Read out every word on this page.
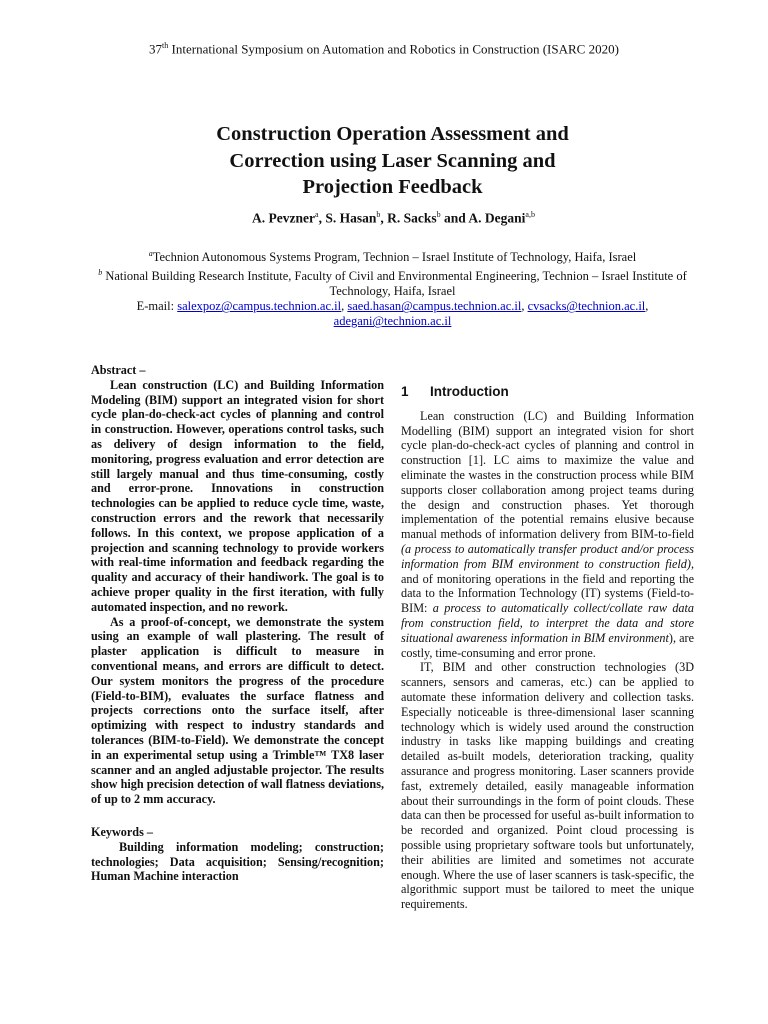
37th International Symposium on Automation and Robotics in Construction (ISARC 2020)
Construction Operation Assessment and
Correction using Laser Scanning and
Projection Feedback
A. Pevzner$^a$, S. Hasan$^b$, R. Sacks$^b$ and A. Degani$^{a,b}$
$^a$Technion Autonomous Systems Program, Technion – Israel Institute of Technology, Haifa, Israel
$^b$ National Building Research Institute, Faculty of Civil and Environmental Engineering, Technion – Israel Institute of Technology, Haifa, Israel
E-mail: salexpoz@campus.technion.ac.il, saed.hasan@campus.technion.ac.il, cvsacks@technion.ac.il,
adegani@technion.ac.il

Abstract –

Lean construction (LC) and Building Information Modeling (BIM) support an integrated vision for short cycle plan-do-check-act cycles of planning and control in construction. However, operations control tasks, such as delivery of design information to the field, monitoring, progress evaluation and error detection are still largely manual and thus time-consuming, costly and error-prone. Innovations in construction technologies can be applied to reduce cycle time, waste, construction errors and the rework that necessarily follows. In this context, we propose application of a projection and scanning technology to provide workers with real-time information and feedback regarding the quality and accuracy of their handiwork. The goal is to achieve proper quality in the first iteration, with fully automated inspection, and no rework.

As a proof-of-concept, we demonstrate the system using an example of wall plastering. The result of plaster application is difficult to measure in conventional means, and errors are difficult to detect. Our system monitors the progress of the procedure (Field-to-BIM), evaluates the surface flatness and projects corrections onto the surface itself, after optimizing with respect to industry standards and tolerances (BIM-to-Field). We demonstrate the concept in an experimental setup using a Trimble™ TX8 laser scanner and an angled adjustable projector. The results show high precision detection of wall flatness deviations, of up to 2 mm accuracy.

Keywords –

Building information modeling; construction; technologies; Data acquisition; Sensing/recognition; Human Machine interaction

1 Introduction

Lean construction (LC) and Building Information Modelling (BIM) support an integrated vision for short cycle plan-do-check-act cycles of planning and control in construction [1]. LC aims to maximize the value and eliminate the wastes in the construction process while BIM supports closer collaboration among project teams during the design and construction phases. Yet thorough implementation of the potential remains elusive because manual methods of information delivery from BIM-to-field (a process to automatically transfer product and/or process information from BIM environment to construction field), and of monitoring operations in the field and reporting the data to the Information Technology (IT) systems (Field-to-BIM: a process to automatically collect/collate raw data from construction field, to interpret the data and store situational awareness information in BIM environment), are costly, time-consuming and error prone.

IT, BIM and other construction technologies (3D scanners, sensors and cameras, etc.) can be applied to automate these information delivery and collection tasks. Especially noticeable is three-dimensional laser scanning technology which is widely used around the construction industry in tasks like mapping buildings and creating detailed as-built models, deterioration tracking, quality assurance and progress monitoring. Laser scanners provide fast, extremely detailed, easily manageable information about their surroundings in the form of point clouds. These data can then be processed for useful as-built information to be recorded and organized. Point cloud processing is possible using proprietary software tools but unfortunately, their abilities are limited and sometimes not accurate enough. Where the use of laser scanners is task-specific, the algorithmic support must be tailored to meet the unique requirements.
